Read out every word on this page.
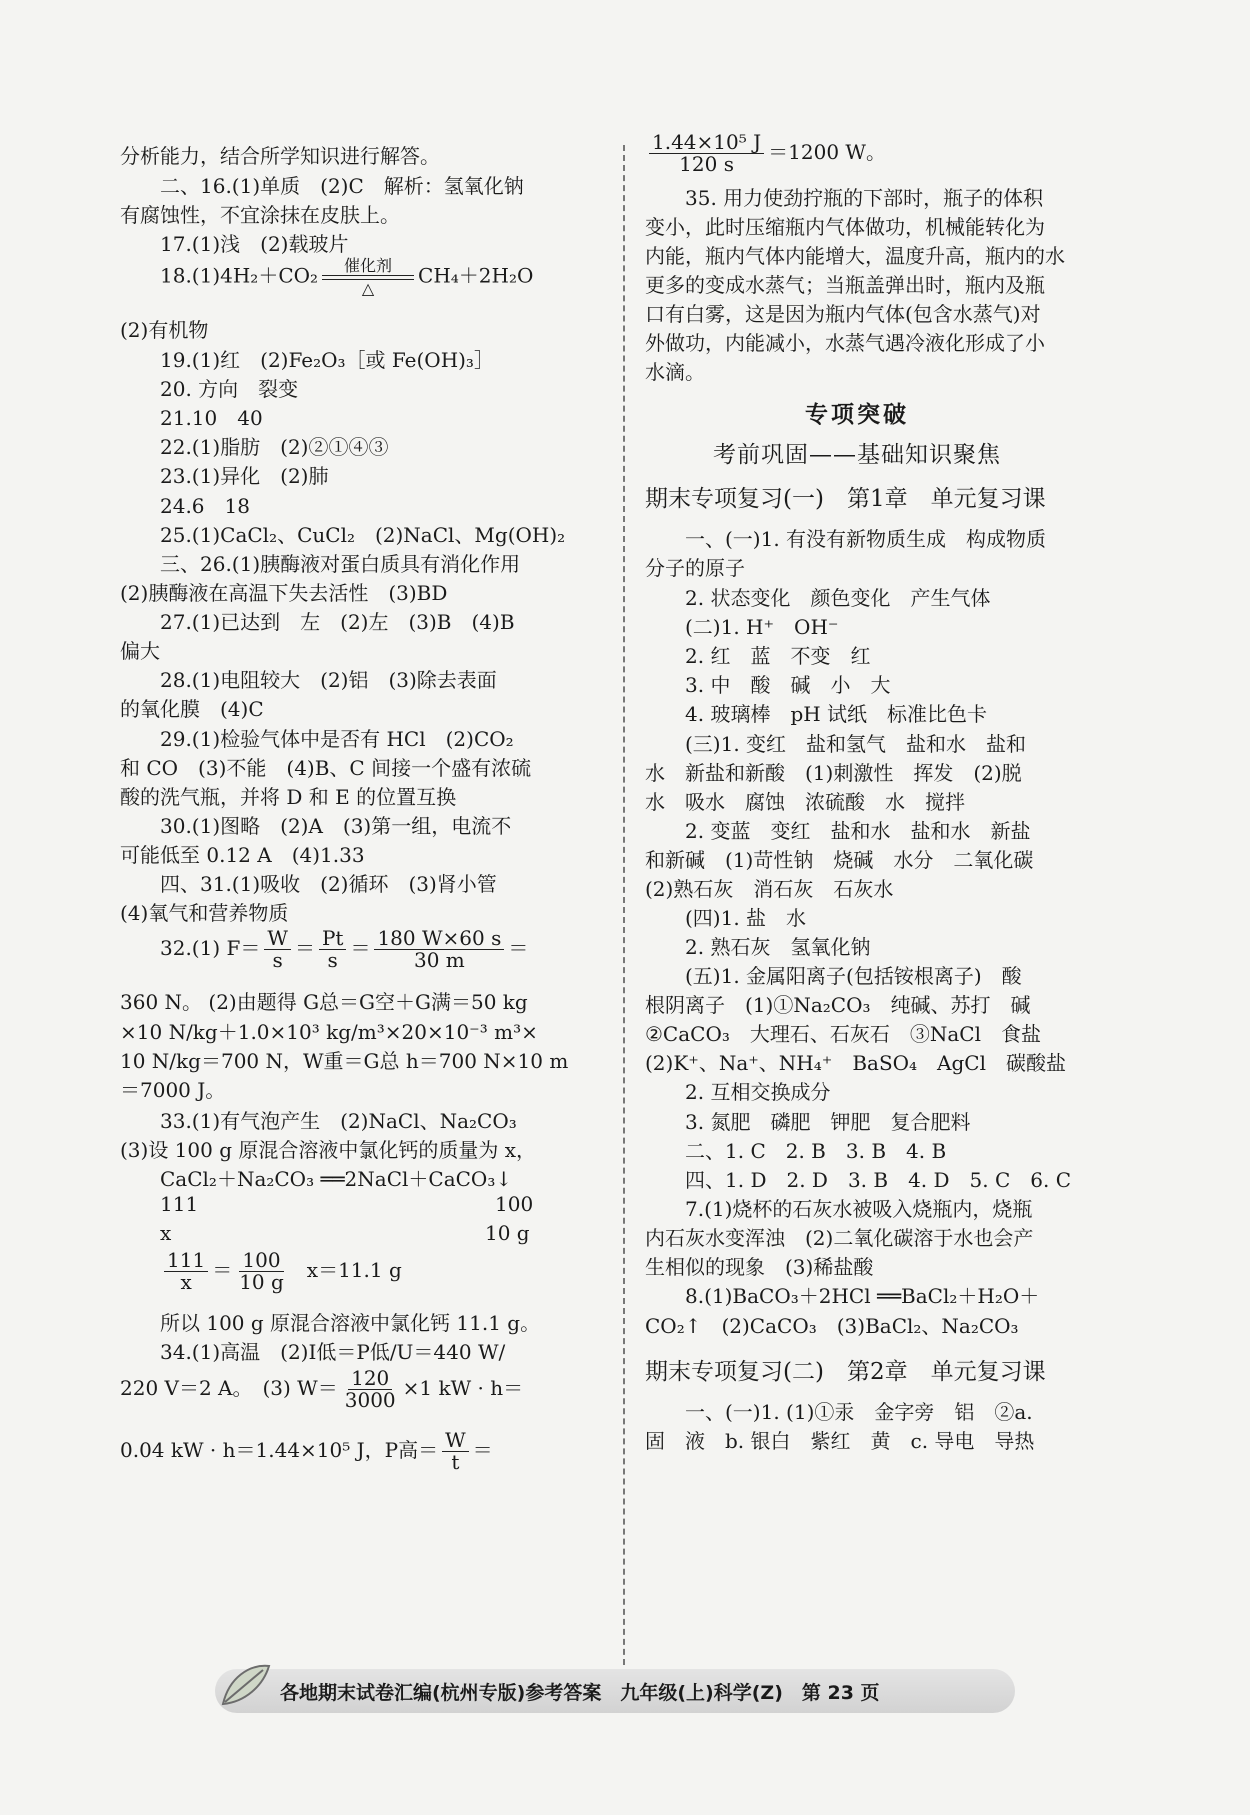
分析能力，结合所学知识进行解答。
二、16.(1)单质　(2)C　解析：氢氧化钠
有腐蚀性，不宜涂抹在皮肤上。
17.(1)浅　(2)载玻片
18.(1)4H₂＋CO₂ 催化剂
△
CH₄＋2H₂O
(2)有机物
19.(1)红　(2)Fe₂O₃［或 Fe(OH)₃］
20. 方向　裂变
21.10　40
22.(1)脂肪　(2)②①④③
23.(1)异化　(2)肺
24.6　18
25.(1)CaCl₂、CuCl₂　(2)NaCl、Mg(OH)₂
三、26.(1)胰酶液对蛋白质具有消化作用
(2)胰酶液在高温下失去活性　(3)BD
27.(1)已达到　左　(2)左　(3)B　(4)B
偏大
28.(1)电阻较大　(2)铝　(3)除去表面
的氧化膜　(4)C
29.(1)检验气体中是否有 HCl　(2)CO₂
和 CO　(3)不能　(4)B、C 间接一个盛有浓硫
酸的洗气瓶，并将 D 和 E 的位置互换
30.(1)图略　(2)A　(3)第一组，电流不
可能低至 0.12 A　(4)1.33
四、31.(1)吸收　(2)循环　(3)肾小管
(4)氧气和营养物质
32.(1) $F= \frac{W}{s} = \frac{Pt}{s} = \frac{180 W\times 60 s}{30 m}$ ＝
360 N。 (2)由题得 G总＝G空＋G满＝50 kg
×10 N/kg＋1.0×10³ kg/m³×20×10⁻³ m³×
10 N/kg＝700 N，W重＝G总 h＝700 N×10 m
＝7000 J。
33.(1)有气泡产生　(2)NaCl、Na₂CO₃
(3)设 100 g 原混合溶液中氯化钙的质量为 x，
CaCl₂＋Na₂CO₃ ══2NaCl＋CaCO₃↓
111	100
x	10 g
$\frac{111}{x} = \frac{100}{10 g} x=11.1$ g
所以 100 g 原混合溶液中氯化钙 11.1 g。
34.(1)高温　(2)I低＝P低/U＝440 W/
220 V＝2 A。　(3) $W= \frac{120}{3000} \times 1$ kW · h＝
0.04 kW · h＝1.44×10⁵ J，P高＝ $\frac{W}{t}$ ＝
$\frac{\text{1.44×10⁵ J}}{120 s} =1200$ W。
35. 用力使劲拧瓶的下部时，瓶子的体积
变小，此时压缩瓶内气体做功，机械能转化为
内能，瓶内气体内能增大，温度升高，瓶内的水
更多的变成水蒸气；当瓶盖弹出时，瓶内及瓶
口有白雾，这是因为瓶内气体(包含水蒸气)对
外做功，内能减小，水蒸气遇冷液化形成了小
水滴。
专项突破
考前巩固——基础知识聚焦
期末专项复习(一)　第1章　单元复习课
一、(一)1. 有没有新物质生成　构成物质
分子的原子
2. 状态变化　颜色变化　产生气体
(二)1. H⁺　OH⁻
2. 红　蓝　不变　红
3. 中　酸　碱　小　大
4. 玻璃棒　pH 试纸　标准比色卡
(三)1. 变红　盐和氢气　盐和水　盐和
水　新盐和新酸　(1)刺激性　挥发　(2)脱
水　吸水　腐蚀　浓硫酸　水　搅拌
2. 变蓝　变红　盐和水　盐和水　新盐
和新碱　(1)苛性钠　烧碱　水分　二氧化碳
(2)熟石灰　消石灰　石灰水
(四)1. 盐　水
2. 熟石灰　氢氧化钠
(五)1. 金属阳离子(包括铵根离子)　酸
根阴离子　(1)①Na₂CO₃　纯碱、苏打　碱
②CaCO₃　大理石、石灰石　③NaCl　食盐
(2)K⁺、Na⁺、NH₄⁺　BaSO₄　AgCl　碳酸盐
2. 互相交换成分
3. 氮肥　磷肥　钾肥　复合肥料
二、1. C　2. B　3. B　4. B
四、1. D　2. D　3. B　4. D　5. C　6. C
7.(1)烧杯的石灰水被吸入烧瓶内，烧瓶
内石灰水变浑浊　(2)二氧化碳溶于水也会产
生相似的现象　(3)稀盐酸
8.(1)BaCO₃＋2HCl ══BaCl₂＋H₂O＋
CO₂↑　(2)CaCO₃　(3)BaCl₂、Na₂CO₃
期末专项复习(二)　第2章　单元复习课
一、(一)1. (1)①汞　金字旁　铝　②a.
固　液　b. 银白　紫红　黄　c. 导电　导热
各地期末试卷汇编(杭州专版)参考答案　九年级(上)科学(Z)　第 23 页
